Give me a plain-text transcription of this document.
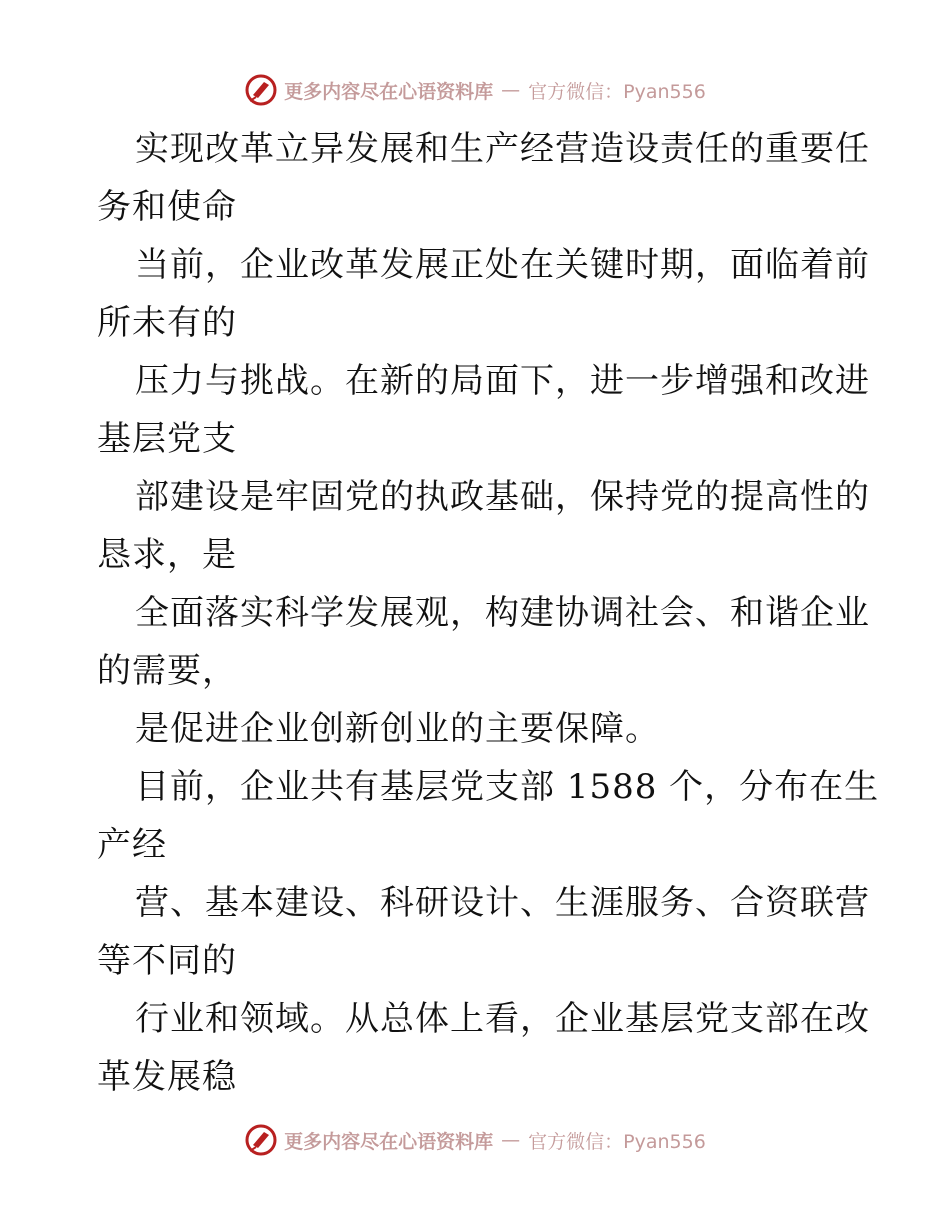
更多内容尽在心语资料库 — 官方微信：Pyan556
实现改革立异发展和生产经营造设责任的重要任
务和使命
当前，企业改革发展正处在关键时期，面临着前
所未有的
压力与挑战。在新的局面下，进一步增强和改进
基层党支
部建设是牢固党的执政基础，保持党的提高性的
恳求，是
全面落实科学发展观，构建协调社会、和谐企业
的需要，
是促进企业创新创业的主要保障。
目前，企业共有基层党支部 1588 个，分布在生
产经
营、基本建设、科研设计、生涯服务、合资联营
等不同的
行业和领域。从总体上看，企业基层党支部在改
革发展稳
更多内容尽在心语资料库 — 官方微信：Pyan556
